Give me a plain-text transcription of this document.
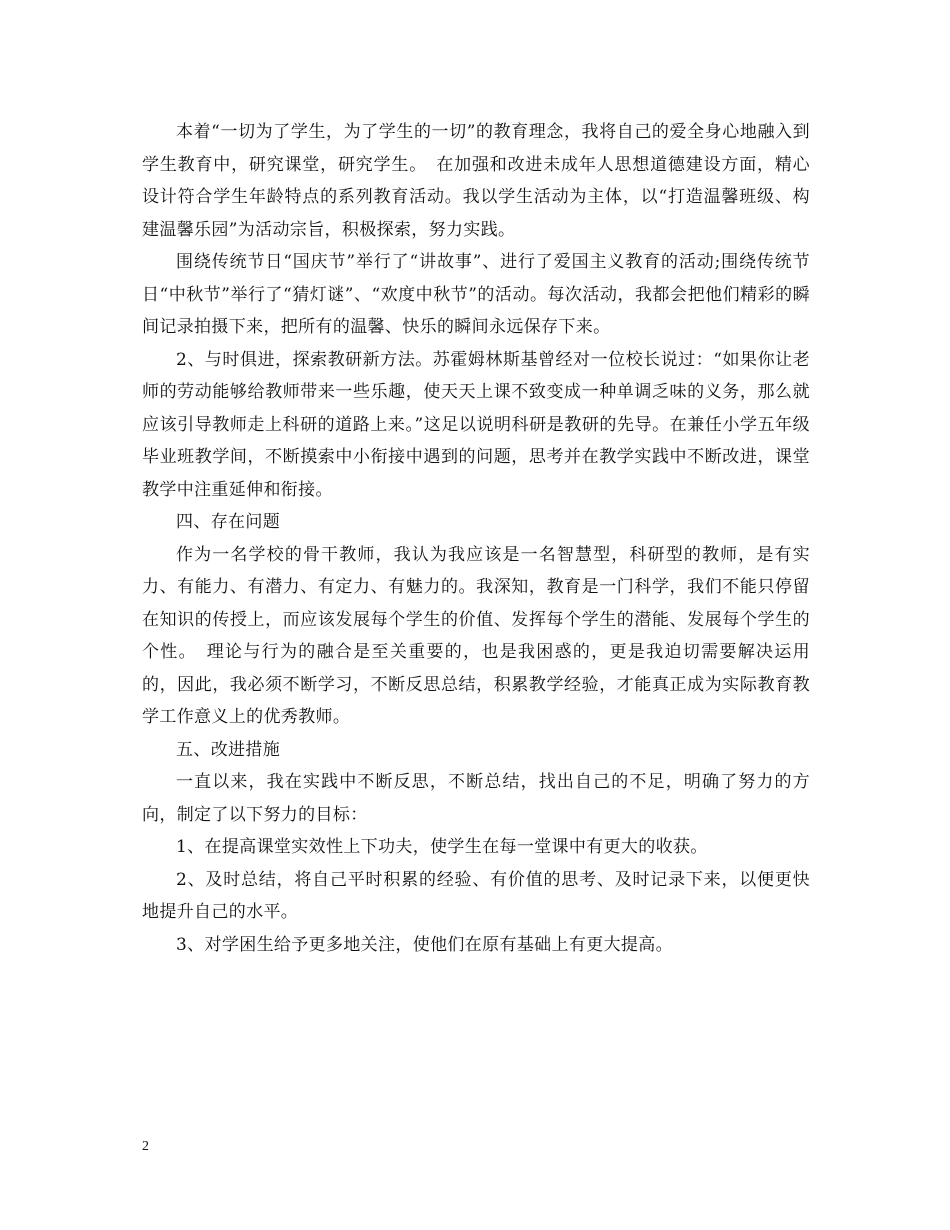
本着“一切为了学生，为了学生的一切”的教育理念，我将自己的爱全身心地融入到学生教育中，研究课堂，研究学生。　在加强和改进未成年人思想道德建设方面，精心设计符合学生年龄特点的系列教育活动。我以学生活动为主体，以“打造温馨班级、构建温馨乐园”为活动宗旨，积极探索，努力实践。

围绕传统节日“国庆节”举行了“讲故事”、进行了爱国主义教育的活动;围绕传统节日“中秋节”举行了“猜灯谜”、“欢度中秋节”的活动。每次活动，我都会把他们精彩的瞬间记录拍摄下来，把所有的温馨、快乐的瞬间永远保存下来。

2、与时俱进，探索教研新方法。苏霍姆林斯基曾经对一位校长说过：“如果你让老师的劳动能够给教师带来一些乐趣，使天天上课不致变成一种单调乏味的义务，那么就应该引导教师走上科研的道路上来。”这足以说明科研是教研的先导。在兼任小学五年级毕业班教学间，不断摸索中小衔接中遇到的问题，思考并在教学实践中不断改进，课堂教学中注重延伸和衔接。

四、存在问题

作为一名学校的骨干教师，我认为我应该是一名智慧型，科研型的教师，是有实力、有能力、有潜力、有定力、有魅力的。我深知，教育是一门科学，我们不能只停留在知识的传授上，而应该发展每个学生的价值、发挥每个学生的潜能、发展每个学生的个性。　理论与行为的融合是至关重要的，也是我困惑的，更是我迫切需要解决运用的，因此，我必须不断学习，不断反思总结，积累教学经验，才能真正成为实际教育教学工作意义上的优秀教师。

五、改进措施

一直以来，我在实践中不断反思，不断总结，找出自己的不足，明确了努力的方向，制定了以下努力的目标：

1、在提高课堂实效性上下功夫，使学生在每一堂课中有更大的收获。

2、及时总结，将自己平时积累的经验、有价值的思考、及时记录下来，以便更快地提升自己的水平。

3、对学困生给予更多地关注，使他们在原有基础上有更大提高。

2
